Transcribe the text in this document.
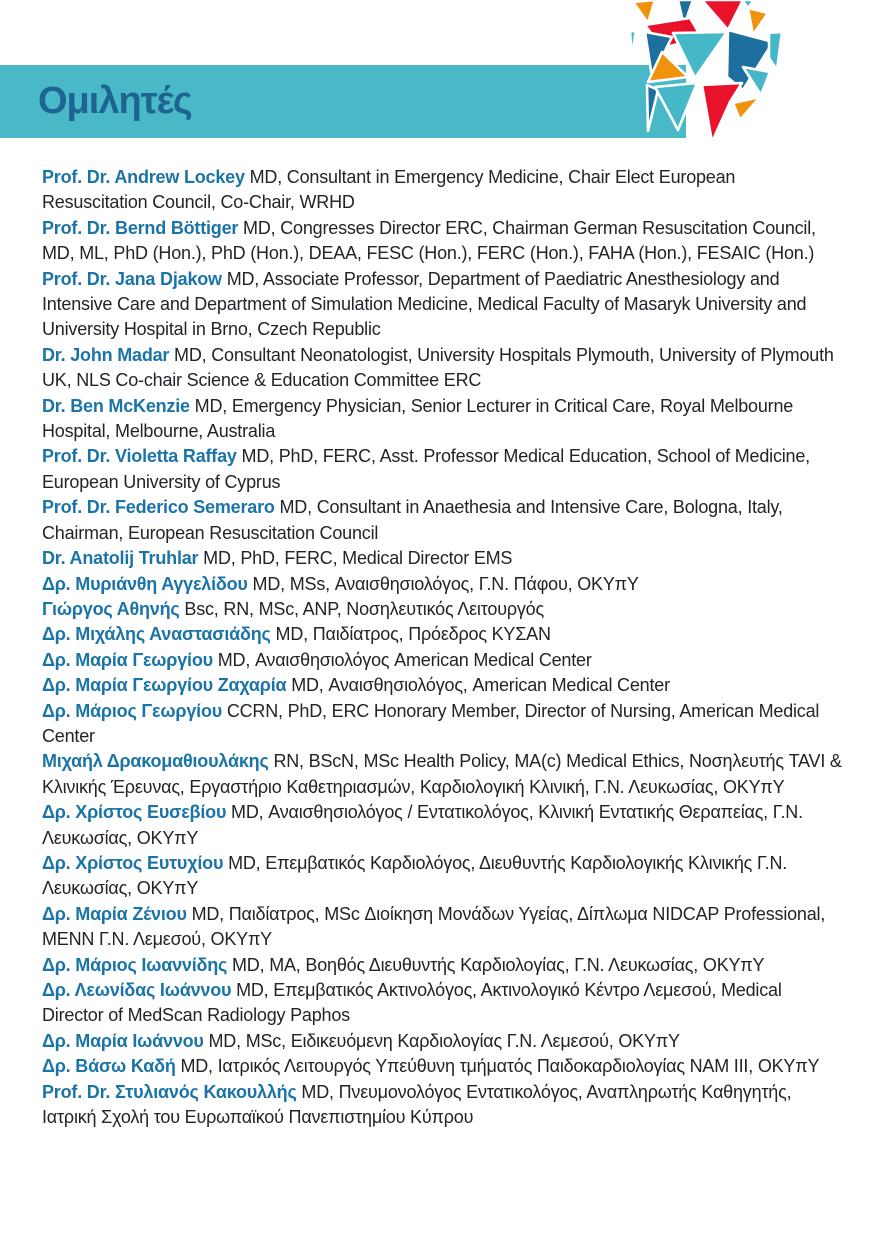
Ομιλητές

Prof. Dr. Andrew Lockey MD, Consultant in Emergency Medicine, Chair Elect European Resuscitation Council, Co-Chair, WRHD

Prof. Dr. Bernd Böttiger MD, Congresses Director ERC, Chairman German Resuscitation Council, MD, ML, PhD (Hon.), PhD (Hon.), DEAA, FESC (Hon.), FERC (Hon.), FAHA (Hon.), FESAIC (Hon.)

Prof. Dr. Jana Djakow MD, Associate Professor, Department of Paediatric Anesthesiology and Intensive Care and Department of Simulation Medicine, Medical Faculty of Masaryk University and University Hospital in Brno, Czech Republic

Dr. John Madar MD, Consultant Neonatologist, University Hospitals Plymouth, University of Plymouth UK, NLS Co-chair Science & Education Committee ERC

Dr. Ben McKenzie MD, Emergency Physician, Senior Lecturer in Critical Care, Royal Melbourne Hospital, Melbourne, Australia

Prof. Dr. Violetta Raffay MD, PhD, FERC, Asst. Professor Medical Education, School of Medicine, European University of Cyprus

Prof. Dr. Federico Semeraro MD, Consultant in Anaethesia and Intensive Care, Bologna, Italy, Chairman, European Resuscitation Council

Dr. Anatolij Truhlar MD, PhD, FERC, Medical Director EMS

Δρ. Μυριάνθη Αγγελίδου MD, MSs, Αναισθησιολόγος, Γ.Ν. Πάφου, ΟΚΥπΥ

Γιώργος Αθηνής Bsc, RN, MSc, ANP, Νοσηλευτικός Λειτουργός

Δρ. Μιχάλης Αναστασιάδης MD, Παιδίατρος, Πρόεδρος ΚΥΣΑΝ

Δρ. Μαρία Γεωργίου MD, Αναισθησιολόγος American Medical Center

Δρ. Μαρία Γεωργίου Ζαχαρία MD, Αναισθησιολόγος, American Medical Center

Δρ. Μάριος Γεωργίου CCRN, PhD, ERC Honorary Member, Director of Nursing, American Medical Center

Μιχαήλ Δρακομαθιουλάκης RN, BScN, MSc Health Policy, MA(c) Medical Ethics, Νοσηλευτής TAVI & Κλινικής Έρευνας, Εργαστήριο Καθετηριασμών, Καρδιολογική Κλινική, Γ.Ν. Λευκωσίας, ΟΚΥπΥ

Δρ. Χρίστος Ευσεβίου MD, Αναισθησιολόγος / Εντατικολόγος, Κλινική Εντατικής Θεραπείας, Γ.Ν. Λευκωσίας, ΟΚΥπΥ

Δρ. Χρίστος Ευτυχίου MD, Επεμβατικός Καρδιολόγος, Διευθυντής Καρδιολογικής Κλινικής Γ.Ν. Λευκωσίας, ΟΚΥπΥ

Δρ. Μαρία Ζένιου MD, Παιδίατρος, MSc Διοίκηση Μονάδων Υγείας, Δίπλωμα NIDCAP Professional, MENN Γ.Ν. Λεμεσού, ΟΚΥπΥ

Δρ. Μάριος Ιωαννίδης MD, MA, Βοηθός Διευθυντής Καρδιολογίας, Γ.Ν. Λευκωσίας, ΟΚΥπΥ

Δρ. Λεωνίδας Ιωάννου MD, Επεμβατικός Ακτινολόγος, Ακτινολογικό Κέντρο Λεμεσού, Medical Director of MedScan Radiology Paphos

Δρ. Μαρία Ιωάννου MD, MSc, Ειδικευόμενη Καρδιολογίας Γ.Ν. Λεμεσού, ΟΚΥπΥ

Δρ. Βάσω Καδή MD, Ιατρικός Λειτουργός Υπεύθυνη τμήματός Παιδοκαρδιολογίας NAM III, ΟΚΥπΥ

Prof. Dr. Στυλιανός Κακουλλής MD, Πνευμονολόγος Εντατικολόγος, Αναπληρωτής Καθηγητής, Ιατρική Σχολή του Ευρωπαϊκού Πανεπιστημίου Κύπρου
